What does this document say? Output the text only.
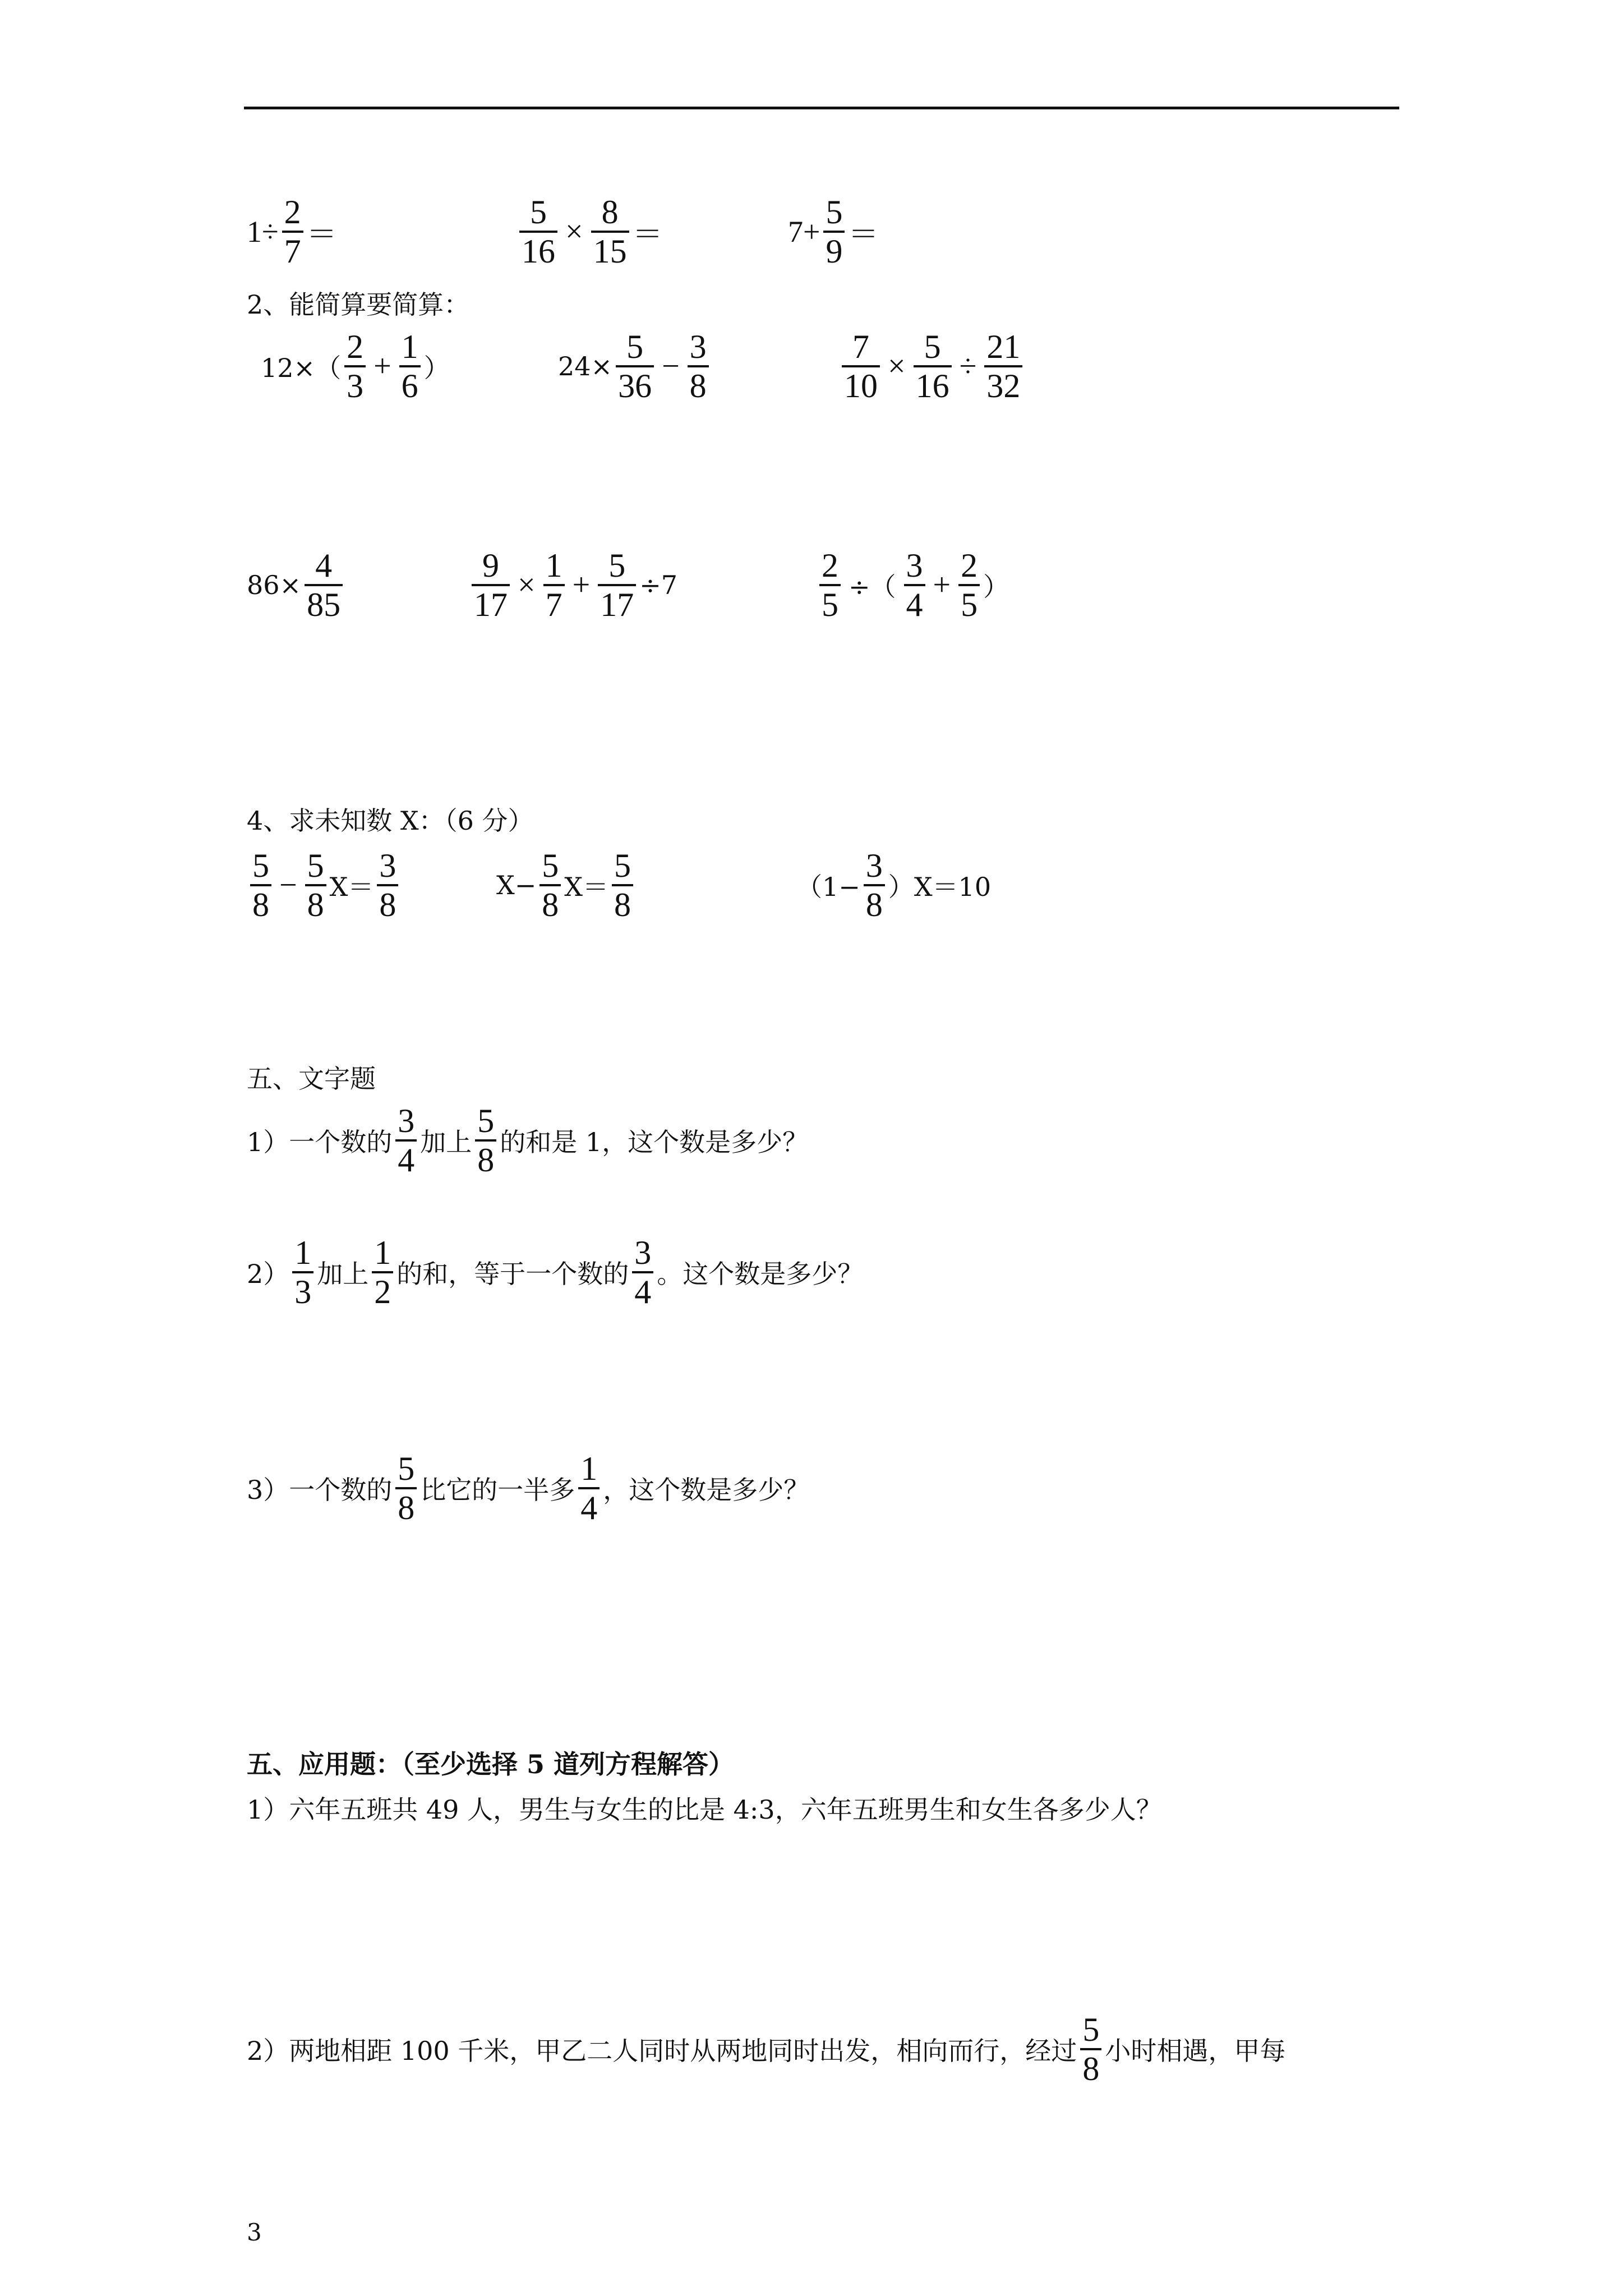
$1\div \frac{2}{7}$ ＝	$\frac{5}{16} \times \frac{8}{15}$ ＝	$7+ \frac{5}{9}$ ＝
2、能简算要简算：
$12\times( \frac{2}{3} + \frac{1}{6}$ ）	$24\times \frac{5}{36} - \frac{3}{8}$	$\frac{7}{10} \times \frac{5}{16} \div \frac{21}{32}$
$86\times \frac{4}{85}$	$\frac{9}{17} \times \frac{1}{7} + \frac{5}{17} \div 7$	$\frac{2}{5}$ ÷（ $\frac{3}{4} + \frac{2}{5}$ ）
4、求未知数 X：（6 分）
$\frac{5}{8} - \frac{5}{8} X= \frac{3}{8}$	$X- \frac{5}{8} X= \frac{5}{8}$	$(1- \frac{3}{8} )X=10$
五、文字题
1）一个数的 $\frac{3}{4}$ 加上 $\frac{5}{8}$ 的和是 1，这个数是多少？
$2) \frac{1}{3}$ 加上 $\frac{1}{2}$ 的和，等于一个数的 $\frac{3}{4}$ 。这个数是多少？
3）一个数的 $\frac{5}{8}$ 比它的一半多 $\frac{1}{4}$ ，这个数是多少？
五、应用题：（至少选择 5 道列方程解答）
1）六年五班共 49 人，男生与女生的比是 4:3，六年五班男生和女生各多少人？
2）两地相距 100 千米，甲乙二人同时从两地同时出发，相向而行，经过 $\frac{5}{8}$ 小时相遇，甲每
3
